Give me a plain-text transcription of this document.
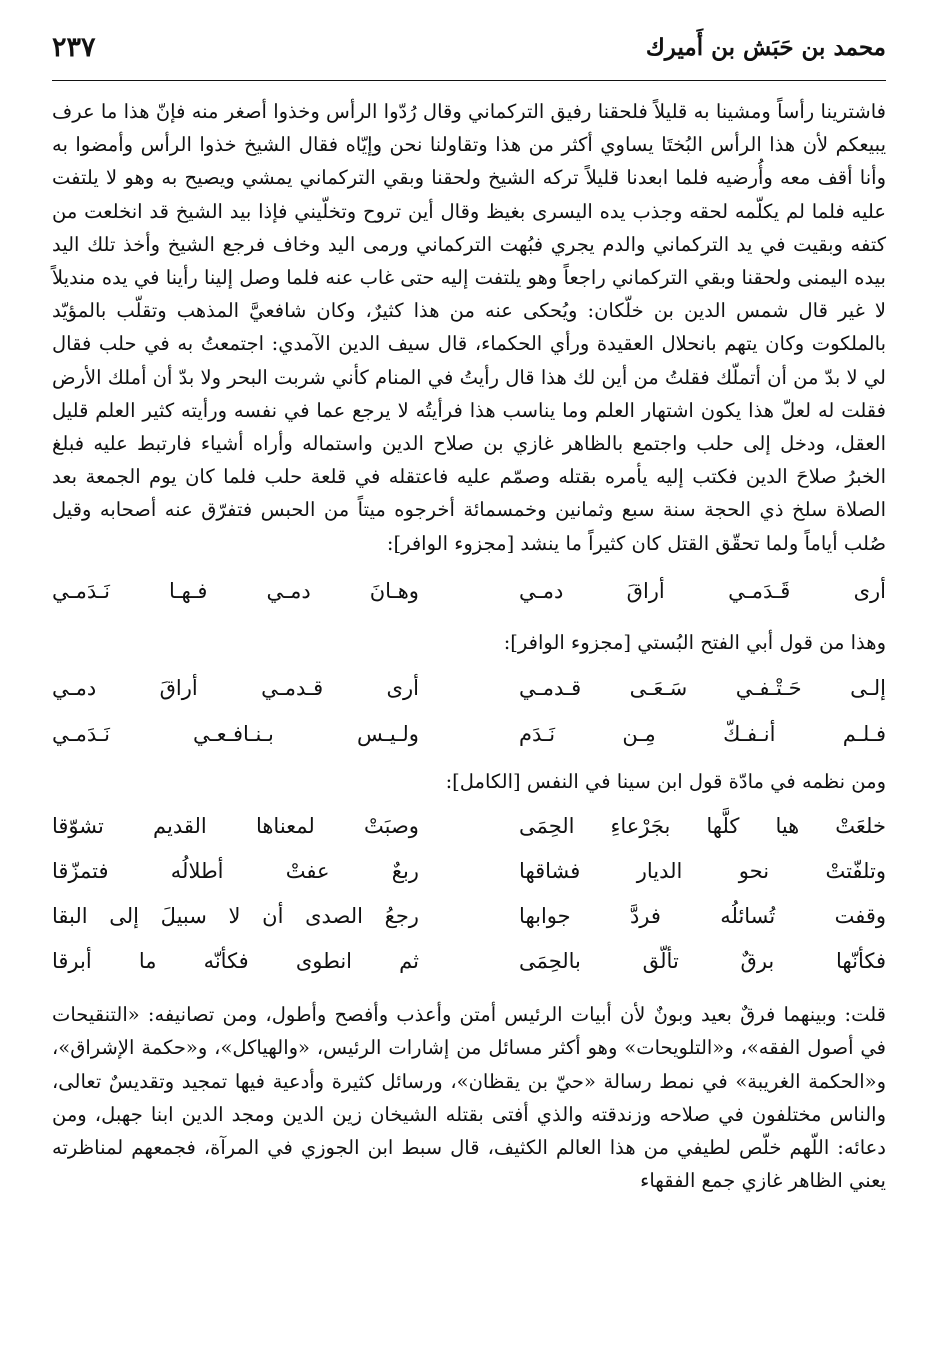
محمد بن حَبَش بن أَميرك
٢٣٧

فاشترينا رأساً ومشينا به قليلاً فلحقنا رفيق التركماني وقال رُدّوا الرأس وخذوا أصغر منه فإنّ هذا ما عرف يبيعكم لأن هذا الرأس البُختَا يساوي أكثر من هذا وتقاولنا نحن وإيّاه فقال الشيخ خذوا الرأس وأمضوا به وأنا أقف معه وأُرضيه فلما ابعدنا قليلاً تركه الشيخ ولحقنا وبقي التركماني يمشي ويصيح به وهو لا يلتفت عليه فلما لم يكلّمه لحقه وجذب يده اليسرى بغيظ وقال أين تروح وتخلّيني فإذا بيد الشيخ قد انخلعت من كتفه وبقيت في يد التركماني والدم يجري فبُهت التركماني ورمى اليد وخاف فرجع الشيخ وأخذ تلك اليد بيده اليمنى ولحقنا وبقي التركماني راجعاً وهو يلتفت إليه حتى غاب عنه فلما وصل إلينا رأينا في يده منديلاً لا غير قال شمس الدين بن خلّكان: ويُحكى عنه من هذا كثيرٌ، وكان شافعيَّ المذهب وتقلّب بالمؤيّد بالملكوت وكان يتهم بانحلال العقيدة ورأي الحكماء، قال سيف الدين الآمدي: اجتمعتُ به في حلب فقال لي لا بدّ من أن أتملّك فقلتُ من أين لك هذا قال رأيتُ في المنام كأني شربت البحر ولا بدّ أن أملك الأرض فقلت له لعلّ هذا يكون اشتهار العلم وما يناسب هذا فرأيتُه لا يرجع عما في نفسه ورأيته كثير العلم قليل العقل، ودخل إلى حلب واجتمع بالظاهر غازي بن صلاح الدين واستماله وأراه أشياء فارتبط عليه فبلغ الخبرُ صلاحَ الدين فكتب إليه يأمره بقتله وصمّم عليه فاعتقله في قلعة حلب فلما كان يوم الجمعة بعد الصلاة سلخ ذي الحجة سنة سبع وثمانين وخمسمائة أخرجوه ميتاً من الحبس فتفرّق عنه أصحابه وقيل صُلب أياماً ولما تحقّق القتل كان كثيراً ما ينشد [مجزوء الوافر]:

أرى قَـدَمـي أراقَ دمـي
وهـانَ دمـي فـهـا نَـدَمـي

وهذا من قول أبي الفتح البُستي [مجزوء الوافر]:

إلـى حَـتْـفـي سَـعَـى قـدمـي
أرى قـدمـي أراقَ دمـي
فـلـم أنـفـكّ مِـن نَـدَم
ولـيـس بـنـافـعـي نَـدَمـي

ومن نظمه في مادّة قول ابن سينا في النفس [الكامل]:

خلعَتْ هيا كلَّها بجَرْعاءِ الحِمَى
وصبَتْ لمعناها القديم تشوّقا
وتلفّتتْ نحو الديار فشاقها
ربعٌ عفتْ أطلالُه فتمزّقا
وقفت تُسائلُه فردَّ جوابها
رجعُ الصدى أن لا سبيلَ إلى البقا
فكأنّها برقٌ تألّق بالحِمَى
ثم انطوى فكأنّه ما أبرقا

قلت: وبينهما فرقٌ بعيد وبونٌ لأن أبيات الرئيس أمتن وأعذب وأفصح وأطول، ومن تصانيفه: «التنقيحات في أصول الفقه»، و«التلويحات» وهو أكثر مسائل من إشارات الرئيس، «والهياكل»، و«حكمة الإشراق»، و«الحكمة الغريبة» في نمط رسالة «حيّ بن يقظان»، ورسائل كثيرة وأدعية فيها تمجيد وتقديسٌ تعالى، والناس مختلفون في صلاحه وزندقته والذي أفتى بقتله الشيخان زين الدين ومجد الدين ابنا جهبل، ومن دعائه: اللّهم خلّص لطيفي من هذا العالم الكثيف، قال سبط ابن الجوزي في المرآة، فجمعهم لمناظرته يعني الظاهر غازي جمع الفقهاء
